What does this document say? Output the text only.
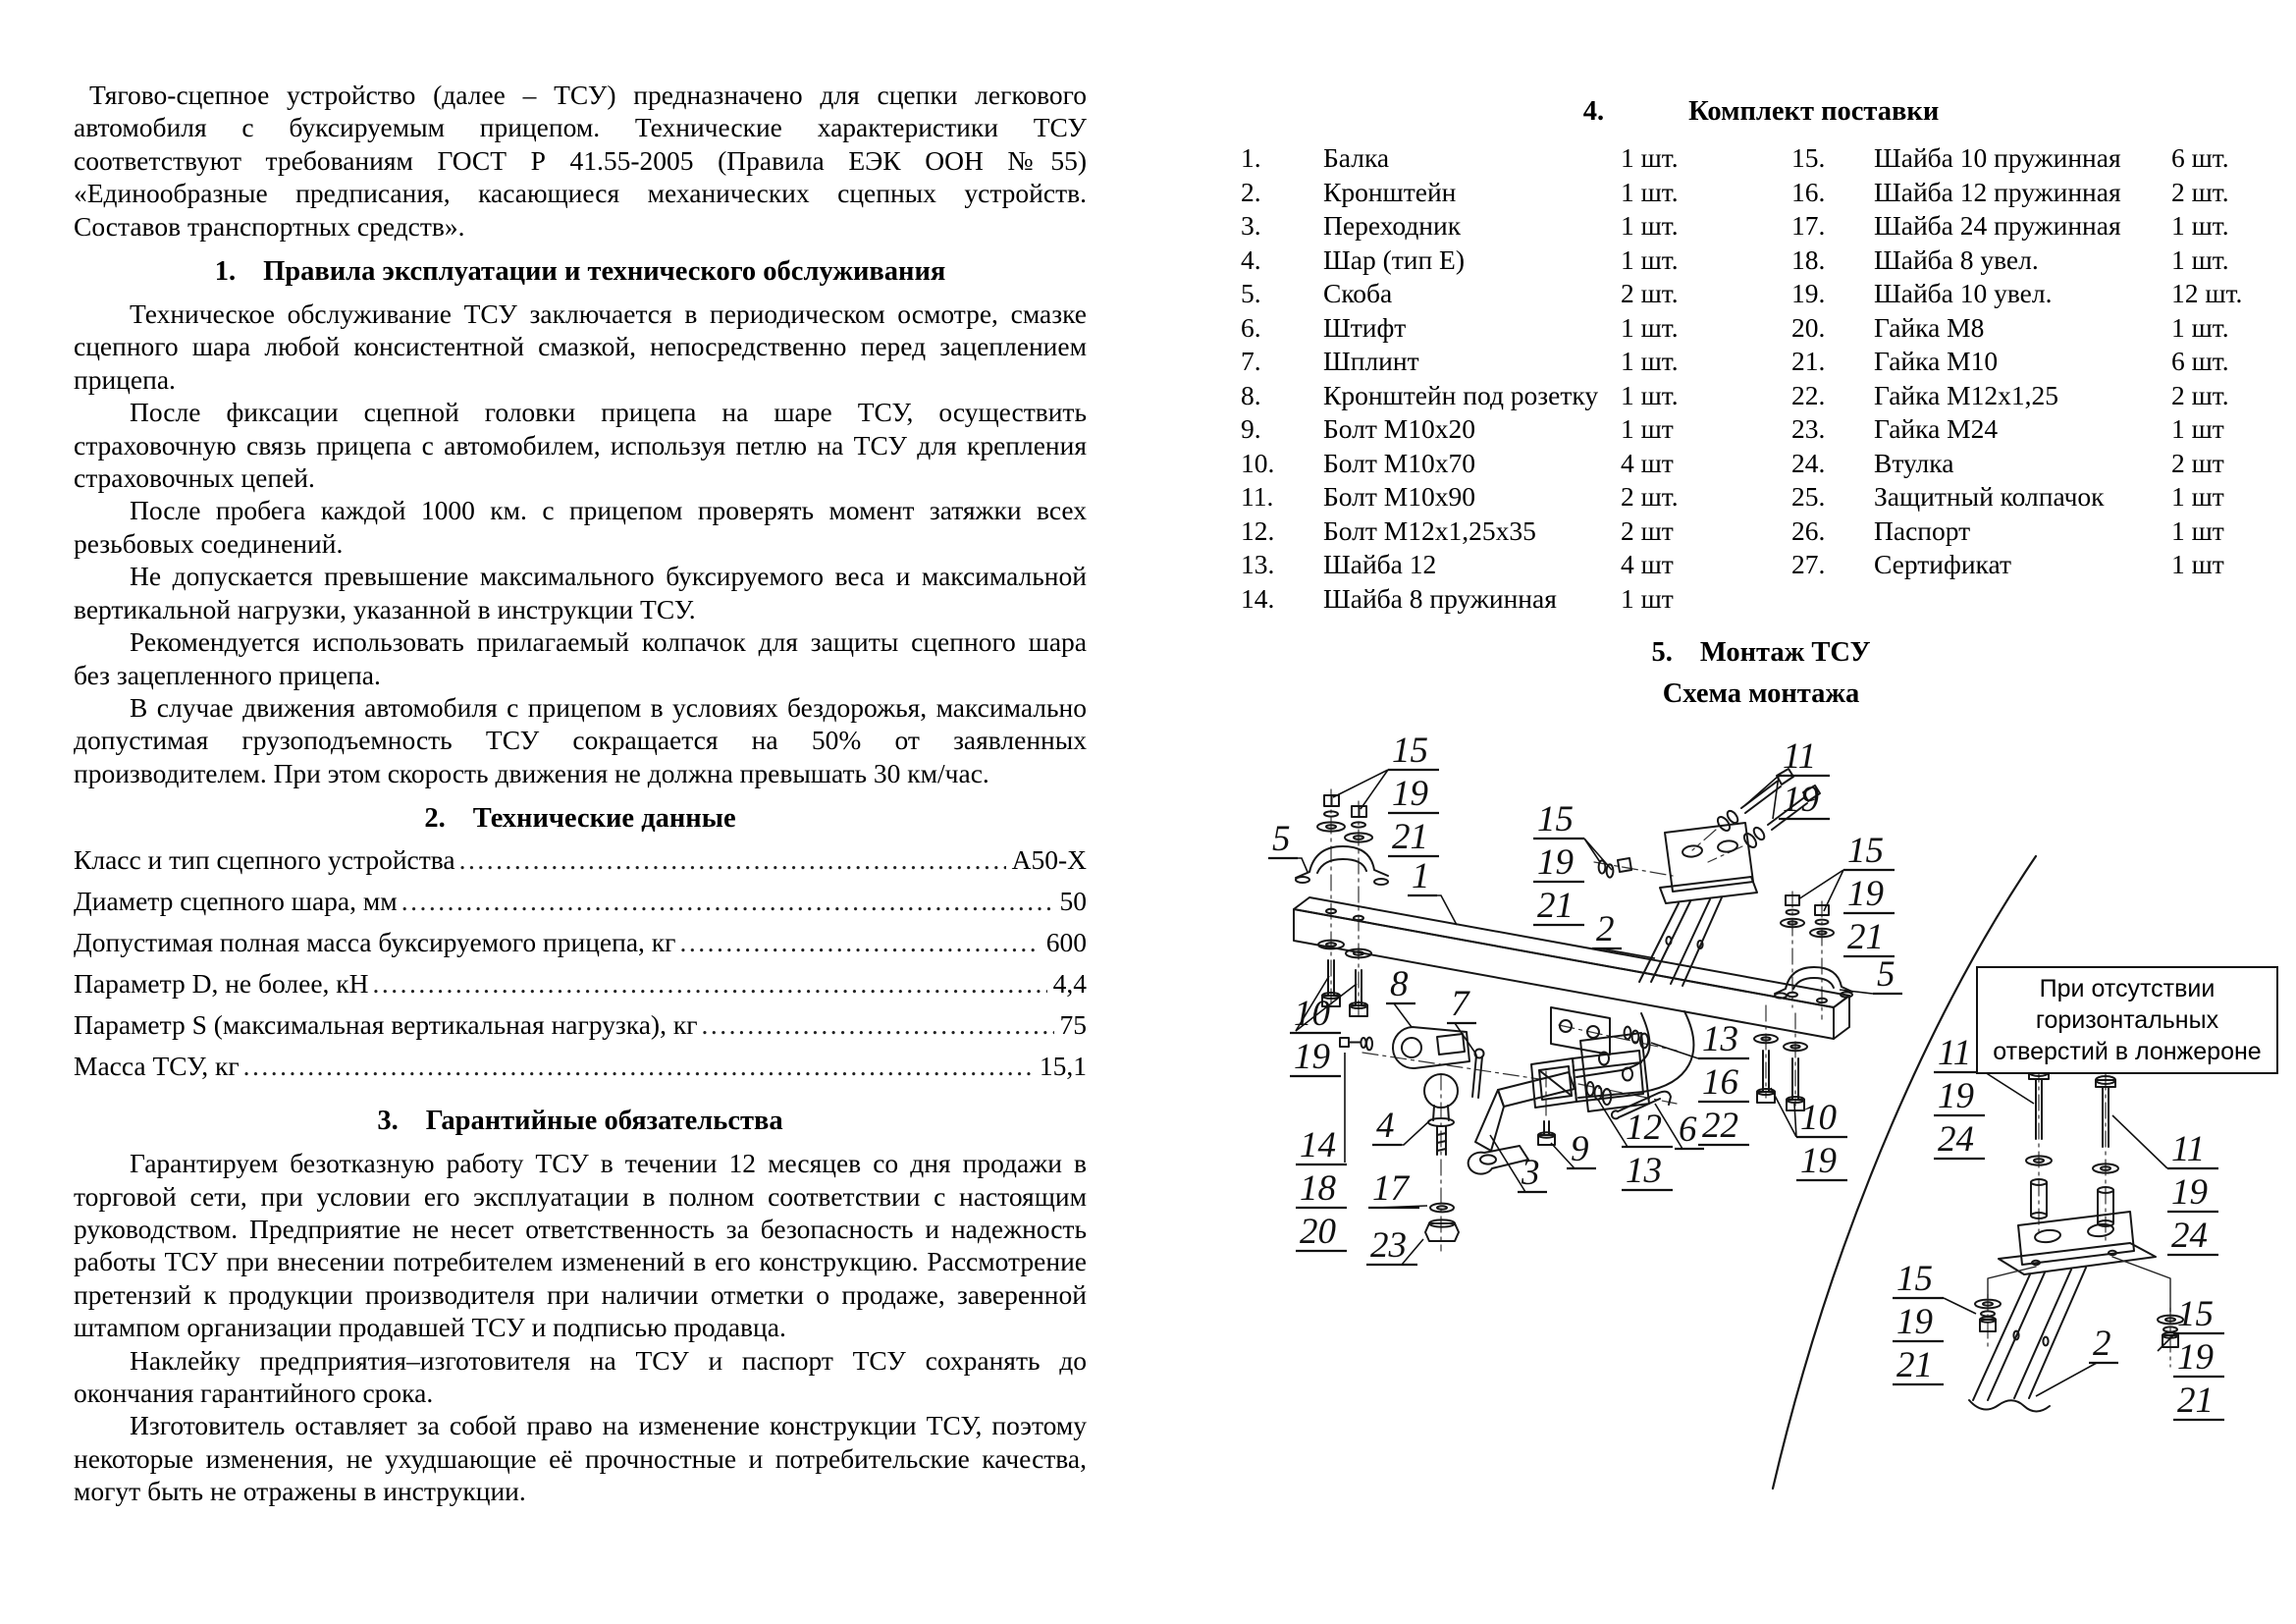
Тягово-сцепное устройство (далее – ТСУ) предназначено для сцепки легкового автомобиля с буксируемым прицепом. Технические характеристики ТСУ соответствуют требованиям ГОСТ Р 41.55-2005 (Правила ЕЭК ООН №55) «Единообразные предписания, касающиеся механических сцепных устройств. Составов транспортных средств».

1. Правила эксплуатации и технического обслуживания

Техническое обслуживание ТСУ заключается в периодическом осмотре, смазке сцепного шара любой консистентной смазкой, непосредственно перед зацеплением прицепа.

После фиксации сцепной головки прицепа на шаре ТСУ, осуществить страховочную связь прицепа с автомобилем, используя петлю на ТСУ для крепления страховочных цепей.

После пробега каждой 1000 км. с прицепом проверять момент затяжки всех резьбовых соединений.

Не допускается превышение максимального буксируемого веса и максимальной вертикальной нагрузки, указанной в инструкции ТСУ.

Рекомендуется использовать прилагаемый колпачок для защиты сцепного шара без зацепленного прицепа.

В случае движения автомобиля с прицепом в условиях бездорожья, максимально допустимая грузоподъемность ТСУ сокращается на 50% от заявленных производителем. При этом скорость движения не должна превышать 30 км/час.

2. Технические данные
Класс и тип сцепного устройства .....	А50-X
Диаметр сцепного шара, мм .....	50
Допустимая полная масса буксируемого прицепа, кг .....	600
Параметр D, не более, кН .....	4,4
Параметр S (максимальная вертикальная нагрузка), кг .....	75
Масса ТСУ, кг .....	15,1
3. Гарантийные обязательства

Гарантируем безотказную работу ТСУ в течении 12 месяцев со дня продажи в торговой сети, при условии его эксплуатации в полном соответствии с настоящим руководством. Предприятие не несет ответственность за безопасность и надежность работы ТСУ при внесении потребителем изменений в его конструкцию. Рассмотрение претензий к продукции производителя при наличии отметки о продаже, заверенной штампом организации продавшей ТСУ и подписью продавца.

Наклейку предприятия–изготовителя на ТСУ и паспорт ТСУ сохранять до окончания гарантийного срока.

Изготовитель оставляет за собой право на изменение конструкции ТСУ, поэтому некоторые изменения, не ухудшающие её прочностные и потребительские качества, могут быть не отражены в инструкции.

4.	Комплект поставки
1.	Балка	1 шт.
2.	Кронштейн	1 шт.
3.	Переходник	1 шт.
4.	Шар (тип Е)	1 шт.
5.	Скоба	2 шт.
6.	Штифт	1 шт.
7.	Шплинт	1 шт.
8.	Кронштейн под розетку 1 шт.
9.	Болт М10х20	1 шт
10.	Болт М10х70	4 шт
11.	Болт М10х90	2 шт.
12.	Болт М12х1,25х35	2 шт
13.	Шайба 12	4 шт
14.	Шайба 8 пружинная	1 шт
15.	Шайба 10 пружинная	6 шт.
16.	Шайба 12 пружинная	2 шт.
17.	Шайба 24 пружинная	1 шт.
18.	Шайба 8 увел.	1 шт.
19.	Шайба 10 увел.	12 шт.
20.	Гайка М8	1 шт.
21.	Гайка М10	6 шт.
22.	Гайка М12х1,25	2 шт.
23.	Гайка М24	1 шт
24.	Втулка	2 шт
25.	Защитный колпачок	1 шт
26.	Паспорт	1 шт
27.	Сертификат	1 шт
5. Монтаж ТСУ
Схема монтажа
15
19
21
5
1
10
19
8 7
14
18
20
4
17
23
3
9
12
13
6
13
16
22
2
15
19
21
11
19
15
19
21
5
10
19
11
19
24	11
19
24
15
19
21
15
19
21
2
При отсутствии горизонтальных
отверстий в лонжероне
